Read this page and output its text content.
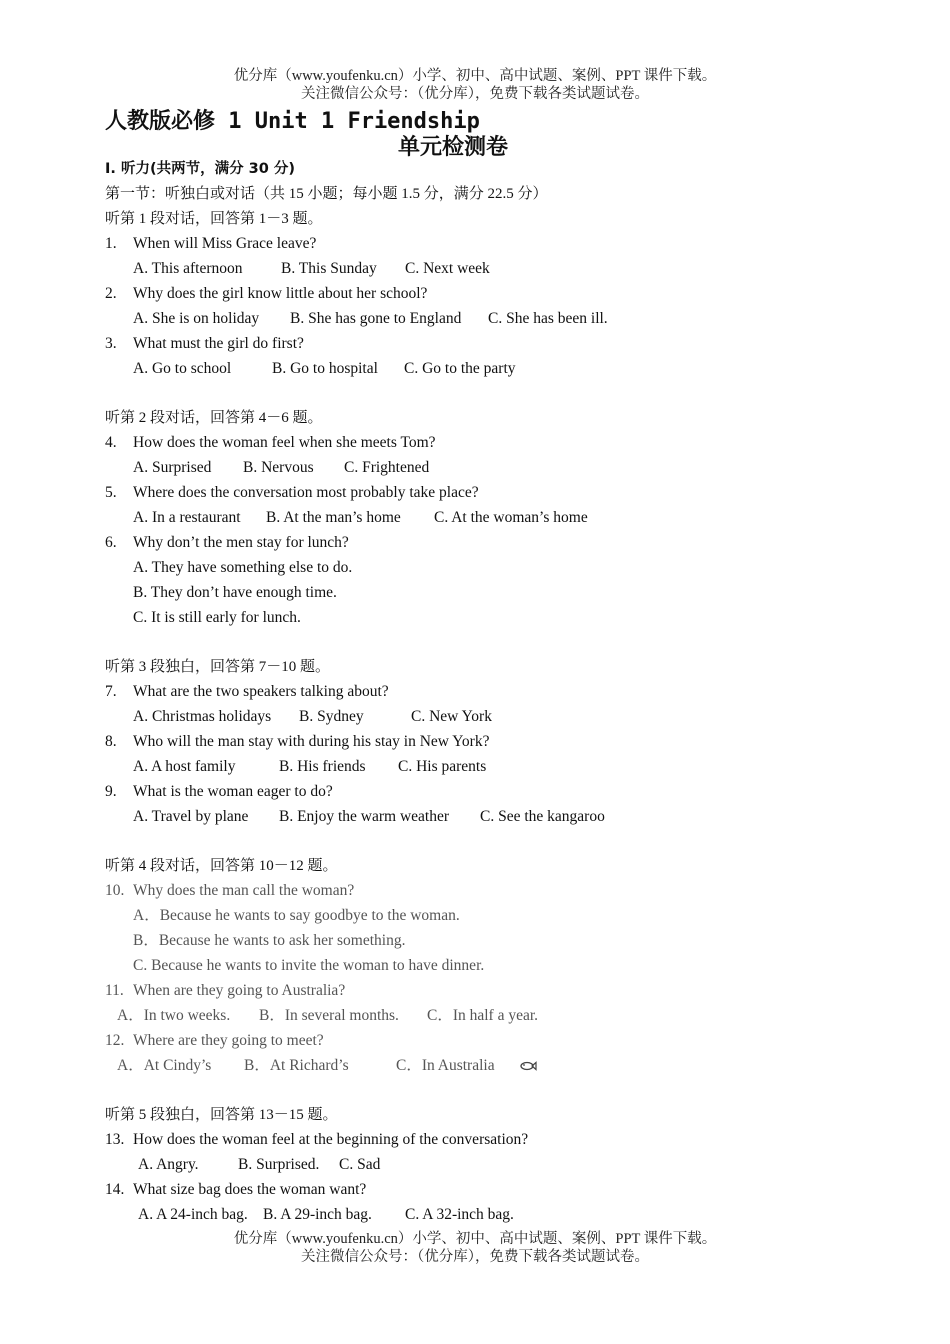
优分库（www.youfenku.cn）小学、初中、高中试题、案例、PPT 课件下载。
关注微信公众号：（优分库），免费下载各类试题试卷。
人教版必修 1 Unit 1 Friendship
单元检测卷
Ⅰ. 听力(共两节，满分 30 分)
第一节：听独白或对话（共 15 小题；每小题 1.5 分，满分 22.5 分）
听第 1 段对话，回答第 1－3 题。
1. When will Miss Grace leave?
A. This afternoon B. This Sunday C. Next week
2. Why does the girl know little about her school?
A. She is on holiday B. She has gone to England C. She has been ill.
3. What must the girl do first?
A. Go to school	B. Go to hospital C. Go to the party
听第 2 段对话，回答第 4－6 题。
4. How does the woman feel when she meets Tom?
A. Surprised B. Nervous C. Frightened
5. Where does the conversation most probably take place?
A. In a restaurant B. At the man’s home C. At the woman’s home
6. Why don’t the men stay for lunch?
A. They have something else to do.
B. They don’t have enough time.
C. It is still early for lunch.
听第 3 段独白，回答第 7－10 题。
7. What are the two speakers talking about?
A. Christmas holidays B. Sydney	C. New York
8. Who will the man stay with during his stay in New York?
A. A host family	B. His friends C. His parents
9. What is the woman eager to do?
A. Travel by plane B. Enjoy the warm weather C. See the kangaroo
听第 4 段对话，回答第 10－12 题。
10. Why does the man call the woman?
A．Because he wants to say goodbye to the woman.
B．Because he wants to ask her something.
C. Because he wants to invite the woman to have dinner.
11. When are they going to Australia?
A．In two weeks. B．In several months. C．In half a year.
12. Where are they going to meet?
A．At Cindy’s B．At Richard’s	C．In Australia
听第 5 段独白，回答第 13－15 题。
13. How does the woman feel at the beginning of the conversation?
A. Angry.	B. Surprised. C. Sad
14. What size bag does the woman want?
A. A 24-inch bag. B. A 29-inch bag. C. A 32-inch bag.
优分库（www.youfenku.cn）小学、初中、高中试题、案例、PPT 课件下载。
关注微信公众号：（优分库），免费下载各类试题试卷。
